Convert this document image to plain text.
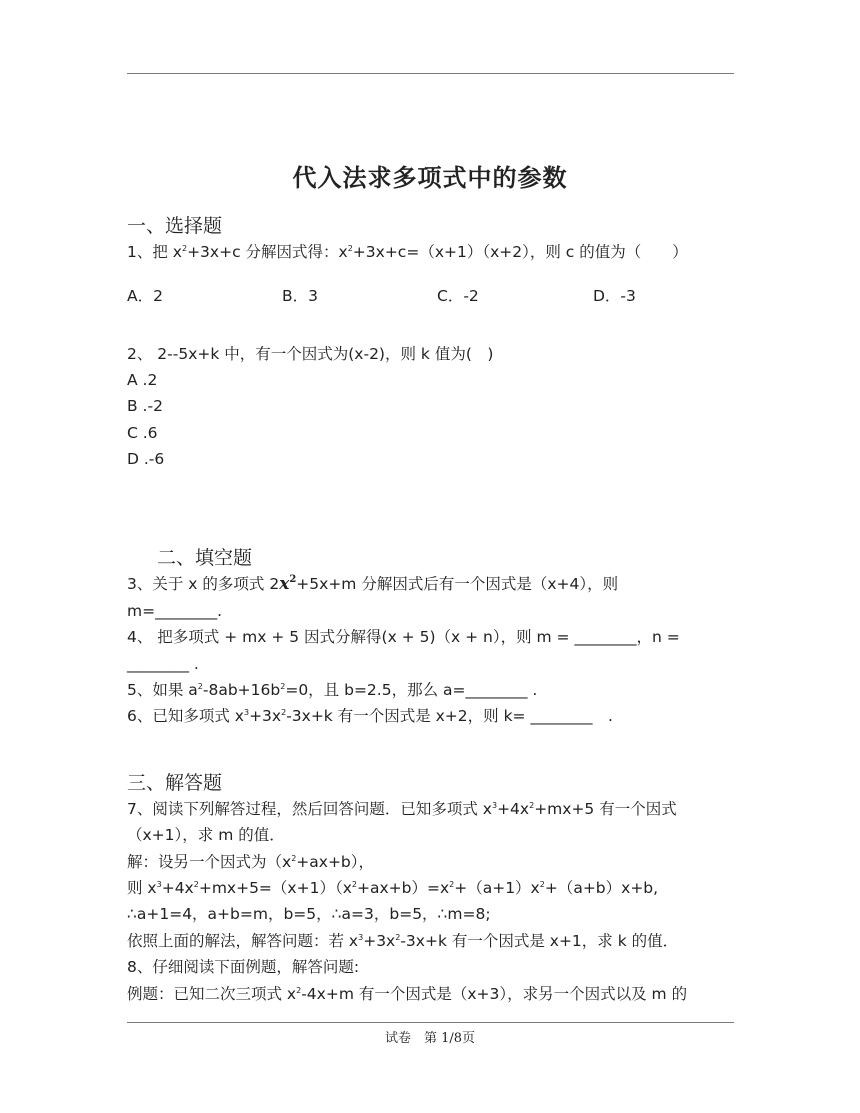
代入法求多项式中的参数
一、选择题
1、把 $x^2+3x+c$ 分解因式得：$x^2+3x+c=(x+1)(x+2)$，则 c 的值为（　　）
A．2	B．3	C．-2	D．-3
2、 2--5x+k 中，有一个因式为(x-2)，则 k 值为(　)
A .2
B .-2
C .6
D .-6
二、填空题
3、关于 x 的多项式 $2x^2+5x+m$ 分解因式后有一个因式是（x+4），则
m=________.
4、 把多项式 + mx + 5 因式分解得(x + 5)（x + n），则 m = ________，n =
________ .
5、如果 $a^2-8ab+16b^2=0$，且 b=2.5，那么 a=________ .
6、已知多项式 $x^3+3x^2-3x+k$ 有一个因式是 x+2，则 k= ________　.
三、解答题
7、阅读下列解答过程，然后回答问题．已知多项式 $x^3+4x^2+mx+5$ 有一个因式
（x+1），求 m 的值．
解：设另一个因式为$(x^2+ax+b)$，
则 $x^3+4x^2+mx+5=(x+1)(x^2+ax+b)=x^2+(a+1)x^2+(a+b)x+b$,
∴a+1=4，a+b=m，b=5，∴a=3，b=5，∴m=8;
依照上面的解法，解答问题：若 $x^3+3x^2-3x+k$ 有一个因式是 x+1，求 k 的值．
8、仔细阅读下面例题，解答问题:
例题：已知二次三项式 $x^2-4x+m$ 有一个因式是（x+3），求另一个因式以及 m 的
试卷　第 1/8页
